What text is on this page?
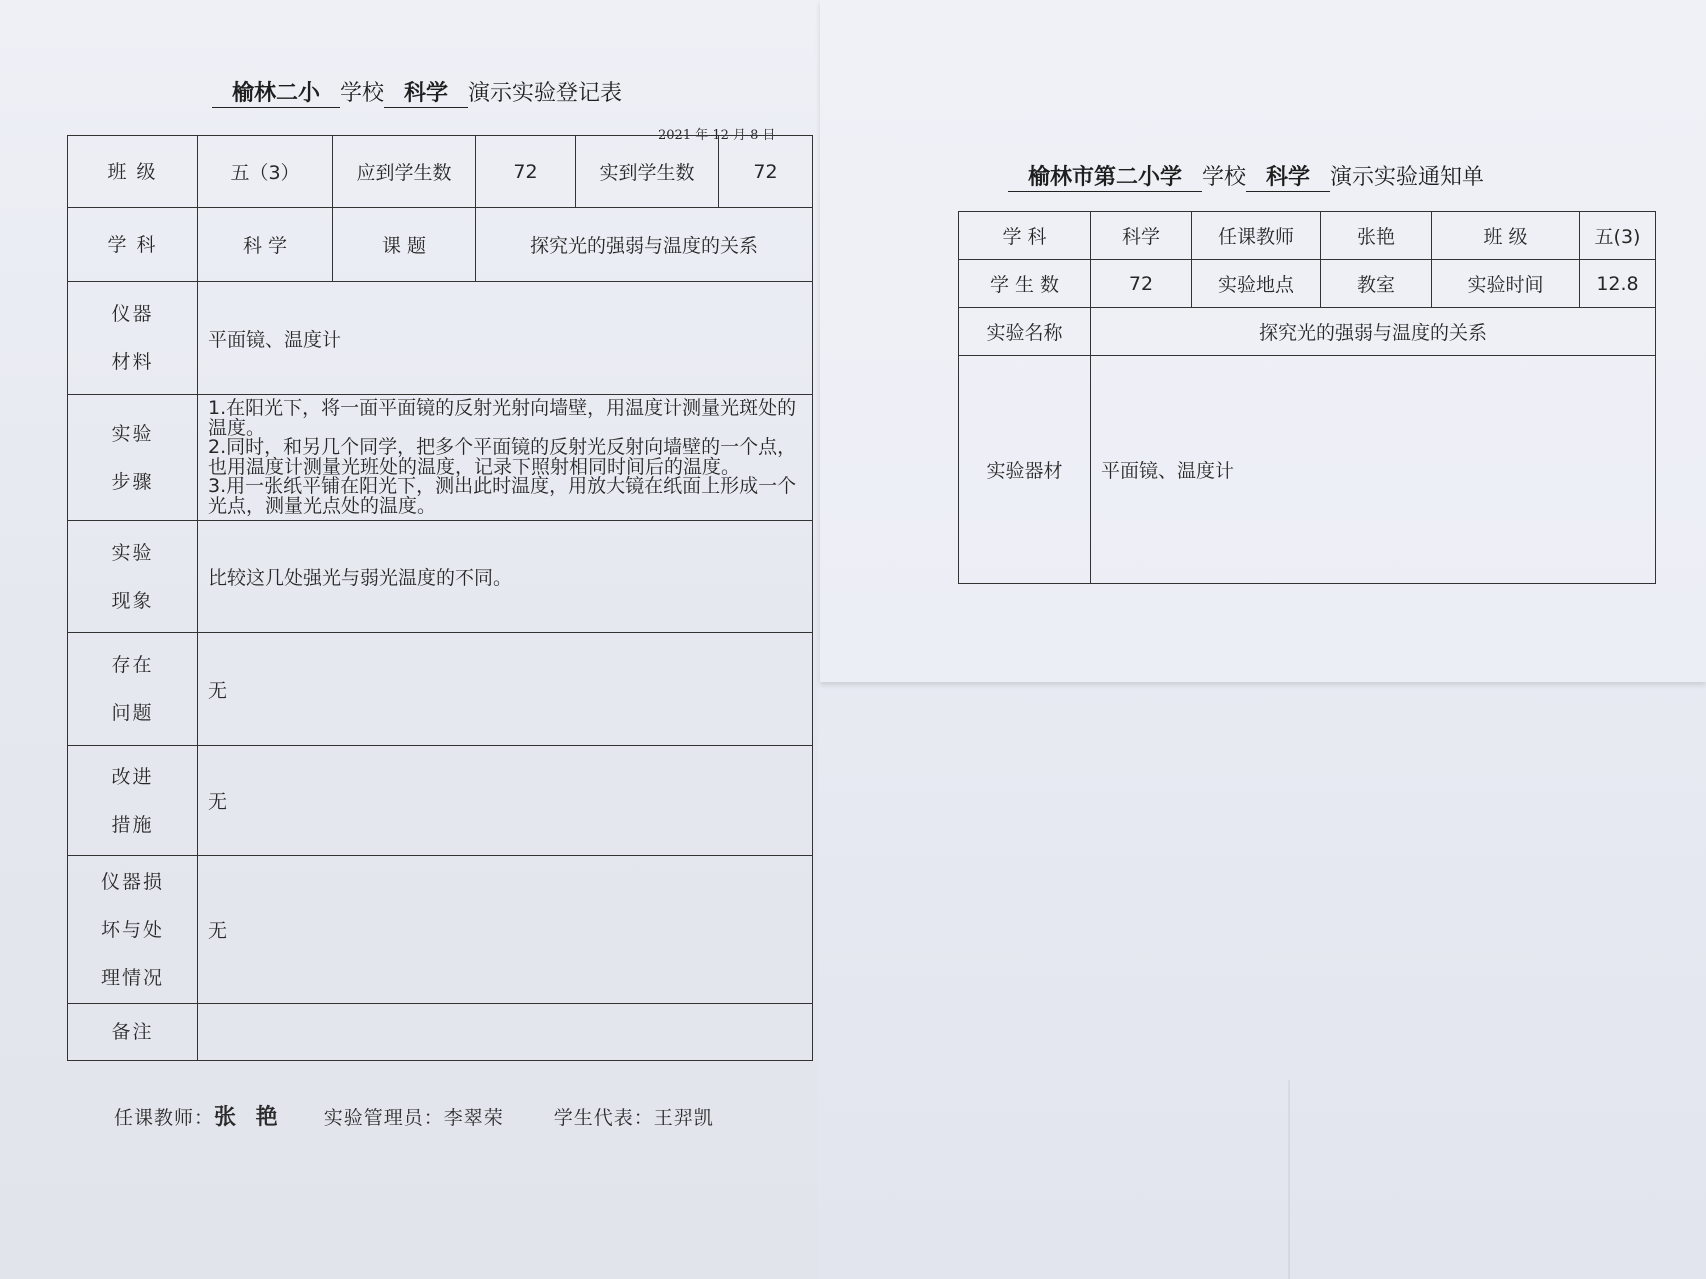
榆林二小 学校 科学 演示实验登记表
2021 年 12 月 8 日
班 级	五（3）	应到学生数	72	实到学生数	72
学 科	科 学	课 题	探究光的强弱与温度的关系		
仪器材料	平面镜、温度计				
实验步骤	1.在阳光下，将一面平面镜的反射光射向墙壁，用温度计测量光斑处的温度。
2.同时，和另几个同学，把多个平面镜的反射光反射向墙壁的一个点，也用温度计测量光班处的温度，记录下照射相同时间后的温度。
3.用一张纸平铺在阳光下，测出此时温度，用放大镜在纸面上形成一个光点，测量光点处的温度。				

实验现象	比较这几处强光与弱光温度的不同。				
存在问题	无				
改进措施	无				
仪器损坏与处理情况	无				
备注					
任课教师：张 艳 实验管理员：李翠荣	学生代表：王羿凯
榆林市第二小学 学校 科学 演示实验通知单
学 科	科学	任课教师	张艳	班 级	五(3)
学 生 数	72	实验地点	教室	实验时间	12.8
实验名称	探究光的强弱与温度的关系				
实验器材	平面镜、温度计				
